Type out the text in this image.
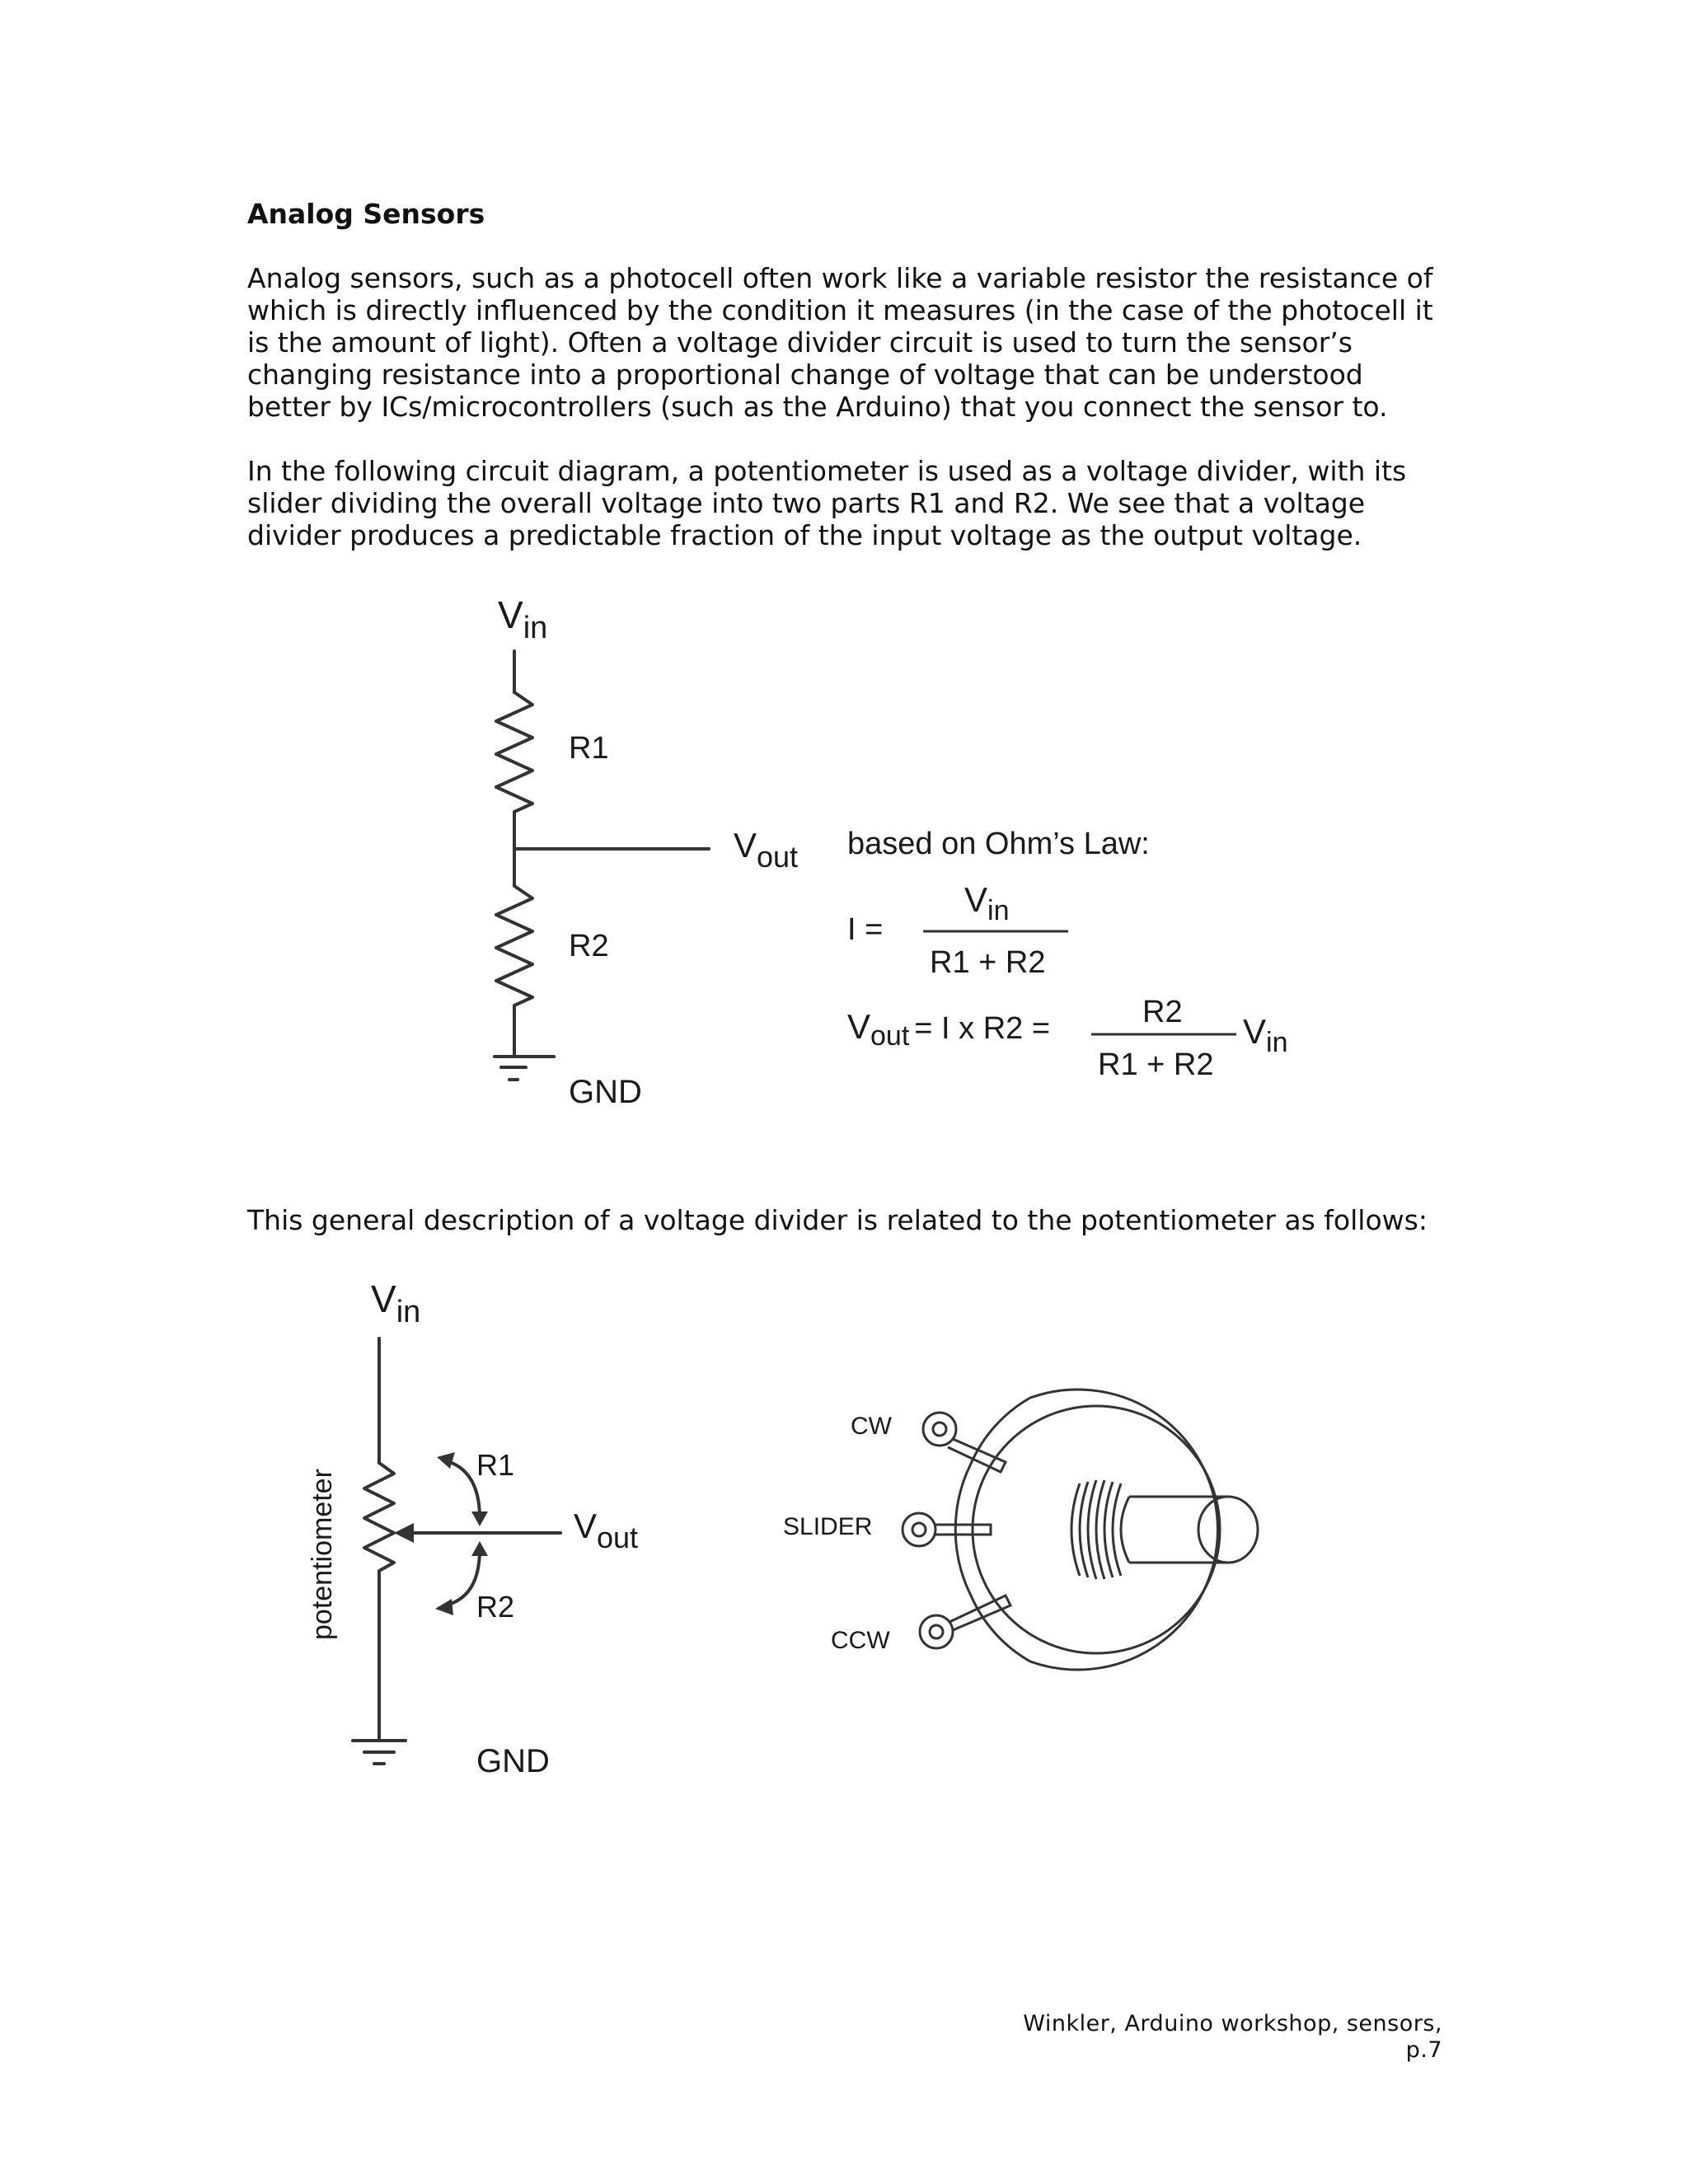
Analog Sensors
Analog sensors, such as a photocell often work like a variable resistor the resistance of which is directly influenced by the condition it measures (in the case of the photocell it is the amount of light). Often a voltage divider circuit is used to turn the sensor’s changing resistance into a proportional change of voltage that can be understood better by ICs/microcontrollers (such as the Arduino) that you connect the sensor to.
In the following circuit diagram, a potentiometer is used as a voltage divider, with its slider dividing the overall voltage into two parts R1 and R2. We see that a voltage divider produces a predictable fraction of the input voltage as the output voltage.
This general description of a voltage divider is related to the potentiometer as follows:
$V_{in}$
R1
Vout
R2
GND
based on Ohm’s Law:
I =
$V_{in}$
R1 + R2
Vout = I x R2 =	R2
R1 + R2
$V_{in}$
$V_{in}$
R1
R2
Vout
potentiometer
GND
CW
SLIDER
CCW
Winkler, Arduino workshop, sensors, p.7
